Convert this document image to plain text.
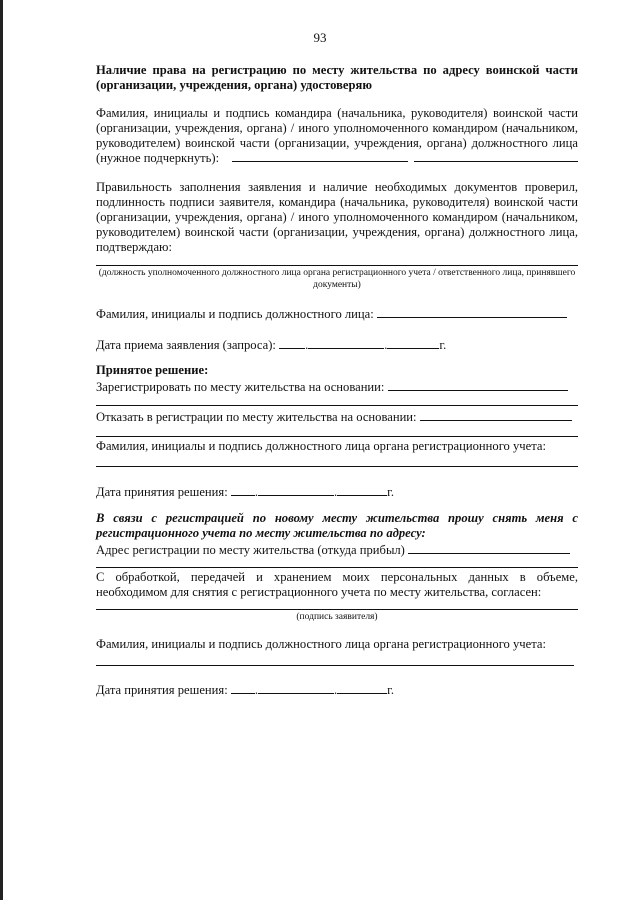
93

Наличие права на регистрацию по месту жительства по адресу воинской части (организации, учреждения, органа) удостоверяю

Фамилия, инициалы и подпись командира (начальника, руководителя) воинской части (организации, учреждения, органа) / иного уполномоченного командиром (начальником, руководителем) воинской части (организации, учреждения, органа) должностного лица (нужное подчеркнуть):

Правильность заполнения заявления и наличие необходимых документов проверил, подлинность подписи заявителя, командира (начальника, руководителя) воинской части (организации, учреждения, органа) / иного уполномоченного командиром (начальником, руководителем) воинской части (организации, учреждения, органа) должностного лица, подтверждаю:

(должность уполномоченного должностного лица органа регистрационного учета / ответственного лица, принявшего документы)

Фамилия, инициалы и подпись должностного лица:

Дата приема заявления (запроса): .	.	г.

Принятое решение:

Зарегистрировать по месту жительства на основании:

Отказать в регистрации по месту жительства на основании:

Фамилия, инициалы и подпись должностного лица органа регистрационного учета:

Дата принятия решения: .	.	г.

В связи с регистрацией по новому месту жительства прошу снять меня с регистрационного учета по месту жительства по адресу:

Адрес регистрации по месту жительства (откуда прибыл)

С обработкой, передачей и хранением моих персональных данных в объеме, необходимом для снятия с регистрационного учета по месту жительства, согласен:

(подпись заявителя)

Фамилия, инициалы и подпись должностного лица органа регистрационного учета:

Дата принятия решения: .	.	г.
